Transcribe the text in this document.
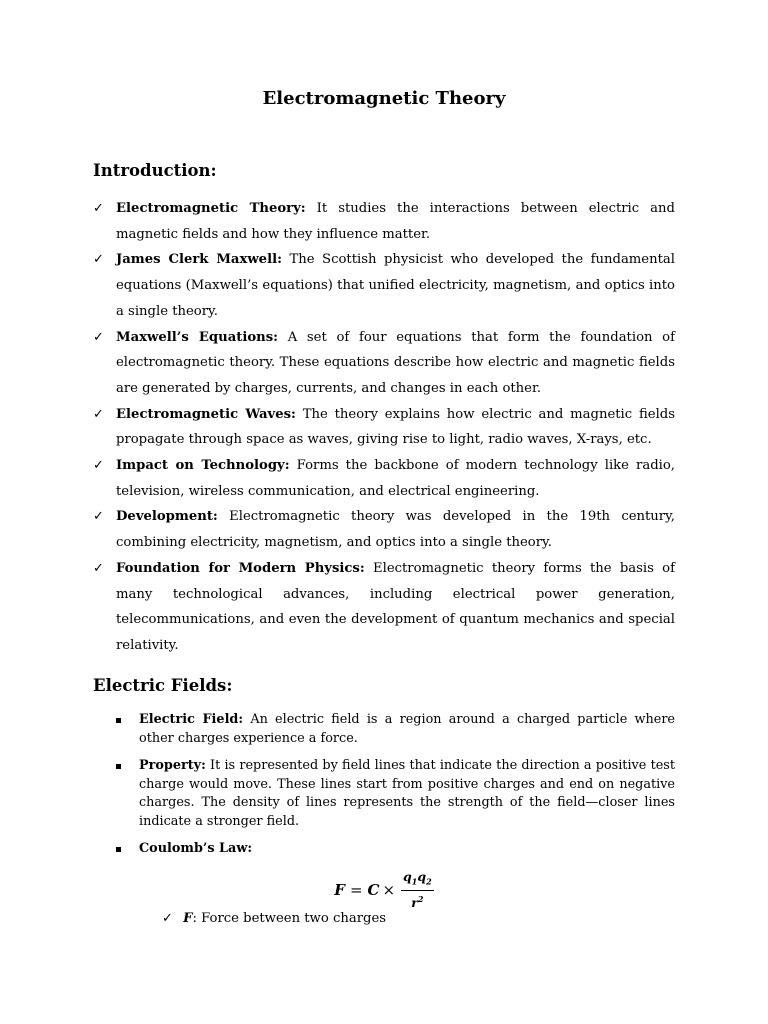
Electromagnetic Theory
Introduction:
✓ Electromagnetic Theory: It studies the interactions between electric and magnetic fields and how they influence matter.
✓ James Clerk Maxwell: The Scottish physicist who developed the fundamental equations (Maxwell’s equations) that unified electricity, magnetism, and optics into a single theory.
✓ Maxwell’s Equations: A set of four equations that form the foundation of electromagnetic theory. These equations describe how electric and magnetic fields are generated by charges, currents, and changes in each other.
✓ Electromagnetic Waves: The theory explains how electric and magnetic fields propagate through space as waves, giving rise to light, radio waves, X-rays, etc.
✓ Impact on Technology: Forms the backbone of modern technology like radio, television, wireless communication, and electrical engineering.
✓ Development: Electromagnetic theory was developed in the 19th century, combining electricity, magnetism, and optics into a single theory.
✓ Foundation for Modern Physics: Electromagnetic theory forms the basis of many technological advances, including electrical power generation, telecommunications, and even the development of quantum mechanics and special relativity.
Electric Fields:
Electric Field: An electric field is a region around a charged particle where other charges experience a force.
Property: It is represented by field lines that indicate the direction a positive test charge would move. These lines start from positive charges and end on negative charges. The density of lines represents the strength of the field—closer lines indicate a stronger field.
Coulomb’s Law:
$F = C \times \frac{q_1q_2}{r^2}$
✓ F: Force between two charges
